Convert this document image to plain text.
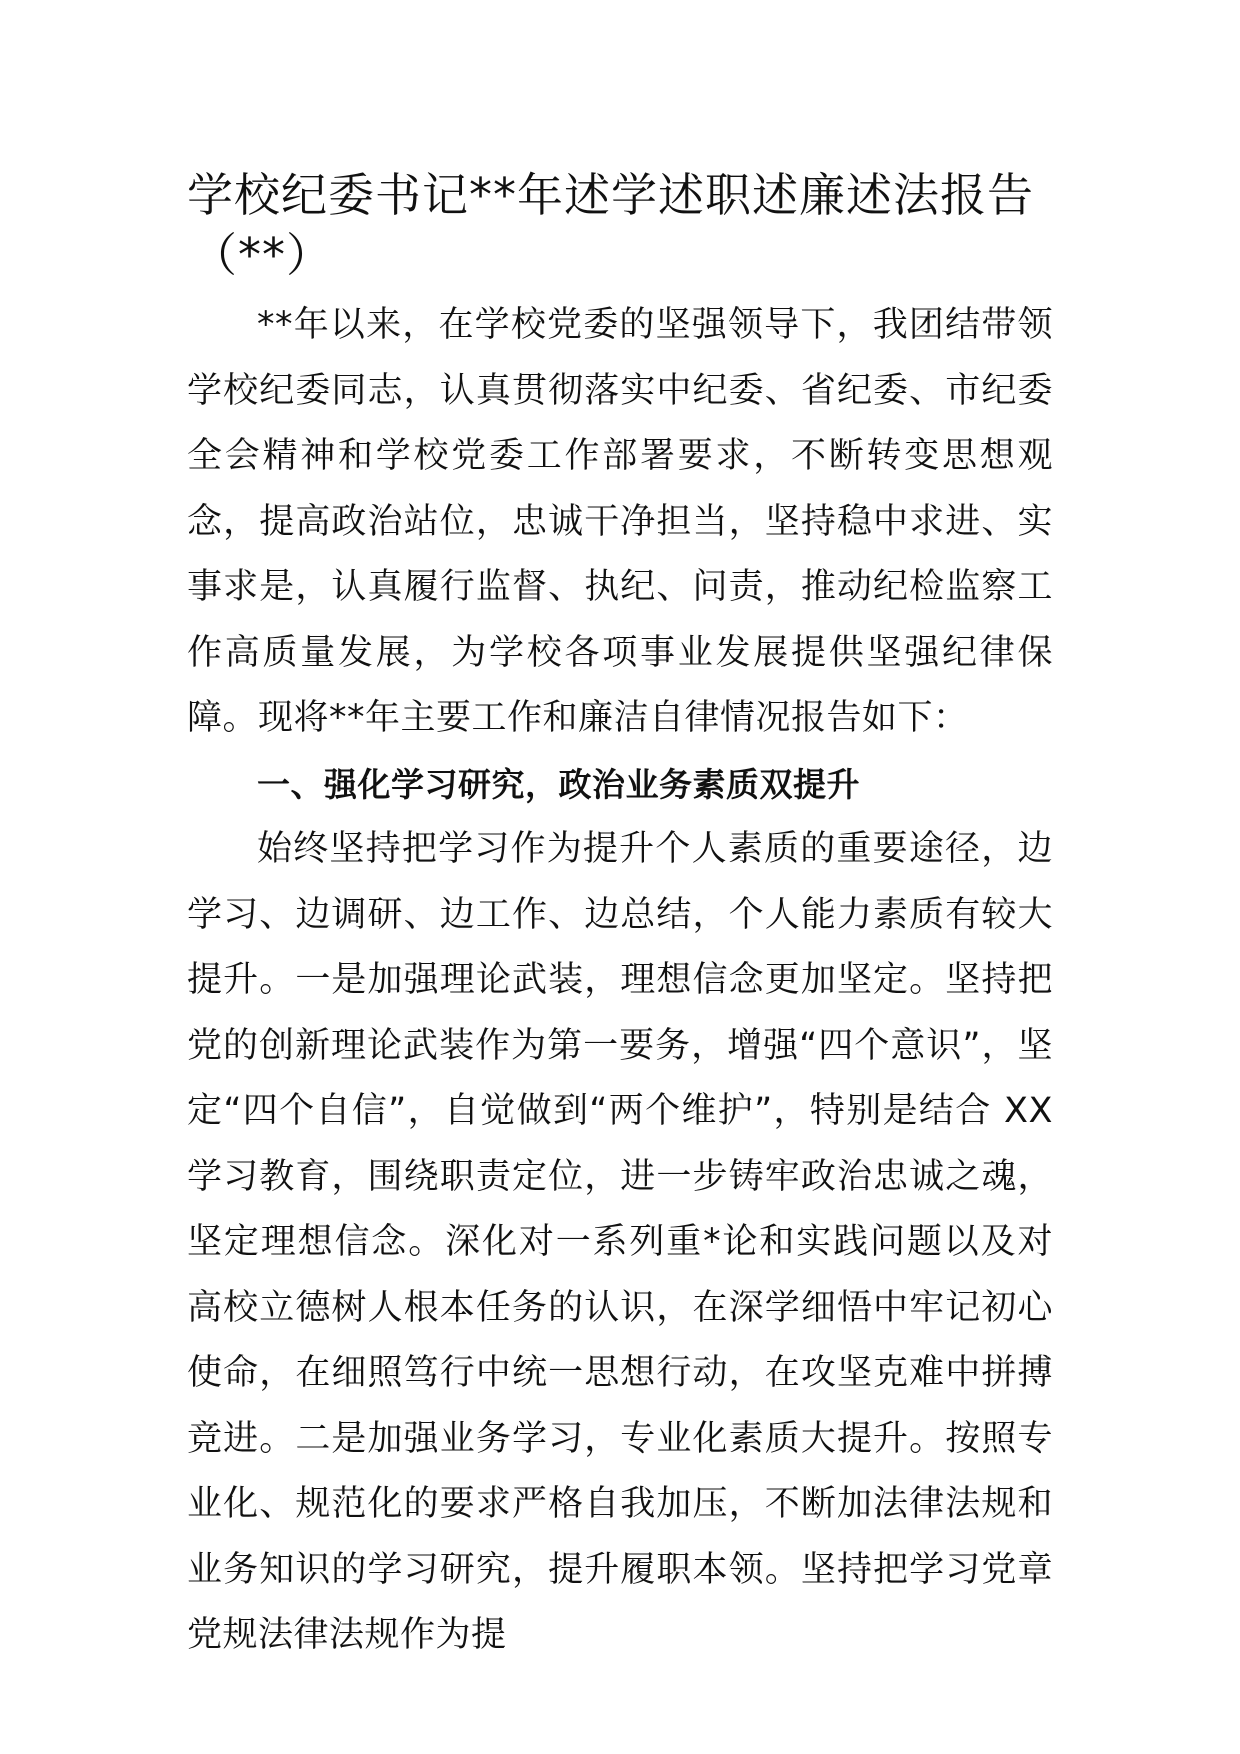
学校纪委书记**年述学述职述廉述法报告
（**）

**年以来，在学校党委的坚强领导下，我团结带领学校纪委同志，认真贯彻落实中纪委、省纪委、市纪委全会精神和学校党委工作部署要求，不断转变思想观念，提高政治站位，忠诚干净担当，坚持稳中求进、实事求是，认真履行监督、执纪、问责，推动纪检监察工作高质量发展，为学校各项事业发展提供坚强纪律保障。现将**年主要工作和廉洁自律情况报告如下：

一、强化学习研究，政治业务素质双提升

始终坚持把学习作为提升个人素质的重要途径，边学习、边调研、边工作、边总结，个人能力素质有较大提升。一是加强理论武装，理想信念更加坚定。坚持把党的创新理论武装作为第一要务，增强“四个意识”，坚定“四个自信”，自觉做到“两个维护”，特别是结合 XX 学习教育，围绕职责定位，进一步铸牢政治忠诚之魂，坚定理想信念。深化对一系列重*论和实践问题以及对高校立德树人根本任务的认识，在深学细悟中牢记初心使命，在细照笃行中统一思想行动，在攻坚克难中拼搏竞进。二是加强业务学习，专业化素质大提升。按照专业化、规范化的要求严格自我加压，不断加法律法规和业务知识的学习研究，提升履职本领。坚持把学习党章党规法律法规作为提
